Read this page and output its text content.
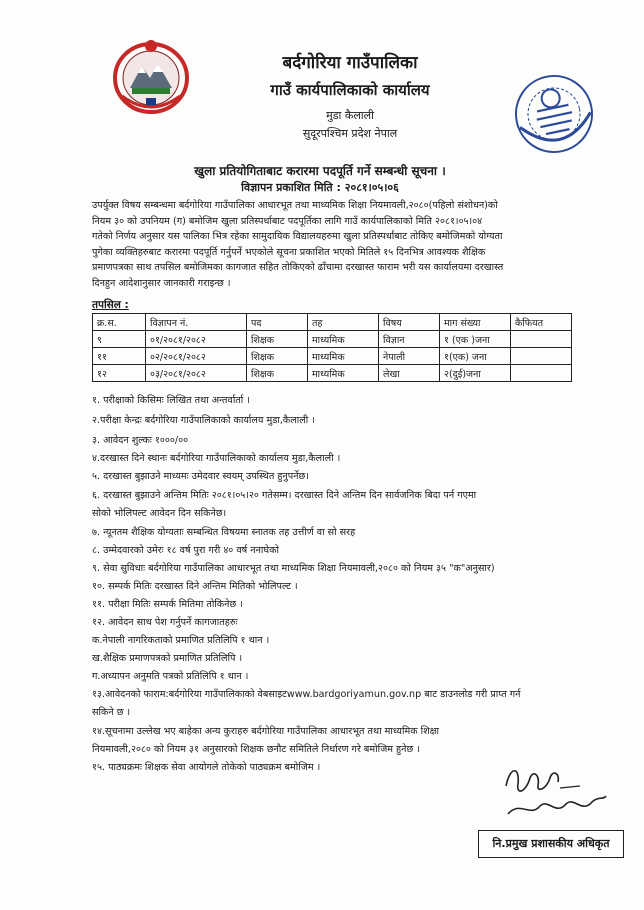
बर्दगोरिया गाउँपालिका
गाउँ कार्यपालिकाको कार्यालय
मुडा कैलाली
सुदूरपश्चिम प्रदेश नेपाल
खुला प्रतियोगिताबाट करारमा पदपूर्ति गर्ने सम्बन्धी सूचना ।
विज्ञापन प्रकाशित मिति : २०८१।०५।०६
उपर्युक्त विषय सम्बन्धमा बर्दगोरिया गाउँपालिका आधारभूत तथा माध्यमिक शिक्षा नियमावली,२०८०(पहिलो संशोधन)को
नियम ३० को उपनियम (ग) बमोजिम खुला प्रतिस्पर्धाबाट पदपूर्तिका लागि गाउँ कार्यपालिकाको मिति २०८१।०५।०४
गतेको निर्णय अनुसार यस पालिका भित्र रहेका सामुदायिक विद्यालयहरुमा खुला प्रतिस्पर्धाबाट तोकिए बमोजिमको योग्यता
पुगेका व्यक्तिहरुबाट करारमा पदपूर्ति गर्नुपर्ने भएकोले सूचना प्रकाशित भएको मितिले १५ दिनभित्र आवश्यक शैक्षिक
प्रमाणपत्रका साथ तपसिल बमोजिमका कागजात सहित तोकिएको ढाँचामा दरखास्त फाराम भरी यस कार्यालयमा दरखास्त
दिनहुन आदेशानुसार जानकारी गराइन्छ ।
तपसिल :
क्र.स.	विज्ञापन नं.	पद	तह	विषय	माग संख्या	कैफियत
९	०१/२०८१/२०८२	शिक्षक	माध्यमिक	विज्ञान	१ (एक )जना	
११	०२/२०८१/२०८२	शिक्षक	माध्यमिक	नेपाली	१(एक) जना	
१२	०३/२०८१/२०८२	शिक्षक	माध्यमिक	लेखा	२(दुई)जना	
१. परीक्षाको किसिमः लिखित तथा अन्तर्वार्ता ।
२.परीक्षा केन्द्रः बर्दगोरिया गाउँपालिकाको कार्यालय मुडा,कैलाली ।
३. आवेदन शुल्कः १०००/००
४.दरखास्त दिने स्थानः बर्दगोरिया गाउँपालिकाको कार्यालय मुडा,कैलाली ।
५. दरखास्त बुझाउने माध्यमः उमेदवार स्वयम् उपस्थित हुनुपर्नेछ।
६. दरखास्त बुझाउने अन्तिम मितिः २०८१।०५।२० गतेसम्म। दरखास्त दिने अन्तिम दिन सार्वजनिक बिदा पर्न गएमा
सोको भोलिपल्ट आवेदन दिन सकिनेछ।
७. न्यूनतम शैक्षिक योग्यताः सम्बन्धित विषयमा स्नातक तह उत्तीर्ण वा सो सरह
८. उम्मेदवारको उमेरः १८ वर्ष पुरा गरी ४० वर्ष ननाघेको
९. सेवा सुविधाः बर्दगोरिया गाउँपालिका आधारभूत तथा माध्यमिक शिक्षा नियमावली,२०८० को नियम ३५ "क"अनुसार)
१०. सम्पर्क मितिः दरखास्त दिने अन्तिम मितिको भोलिपल्ट ।
११. परीक्षा मितिः सम्पर्क मितिमा तोकिनेछ ।
१२. आवेदन साथ पेश गर्नुपर्ने कागजातहरुः
क.नेपाली नागरिकताको प्रमाणित प्रतिलिपि १ थान ।
ख.शैक्षिक प्रमाणपत्रको प्रमाणित प्रतिलिपि ।
ग.अध्यापन अनुमति पत्रको प्रतिलिपि १ थान ।
१३.आवेदनको फाराम:बर्दगोरिया गाउँपालिकाको वेबसाइटwww.bardgoriyamun.gov.np बाट डाउनलोड गरी प्राप्त गर्न
सकिने छ ।
१४.सूचनामा उल्लेख भए बाहेका अन्य कुराहरु बर्दगोरिया गाउँपालिका आधारभूत तथा माध्यमिक शिक्षा
नियमावली,२०८० को नियम ३१ अनुसारको शिक्षक छनौट समितिले निर्धारण गरे बमोजिम हुनेछ ।
१५. पाठ्यक्रमः शिक्षक सेवा आयोगले तोकेको पाठ्यक्रम बमोजिम ।
नि.प्रमुख प्रशासकीय अधिकृत
